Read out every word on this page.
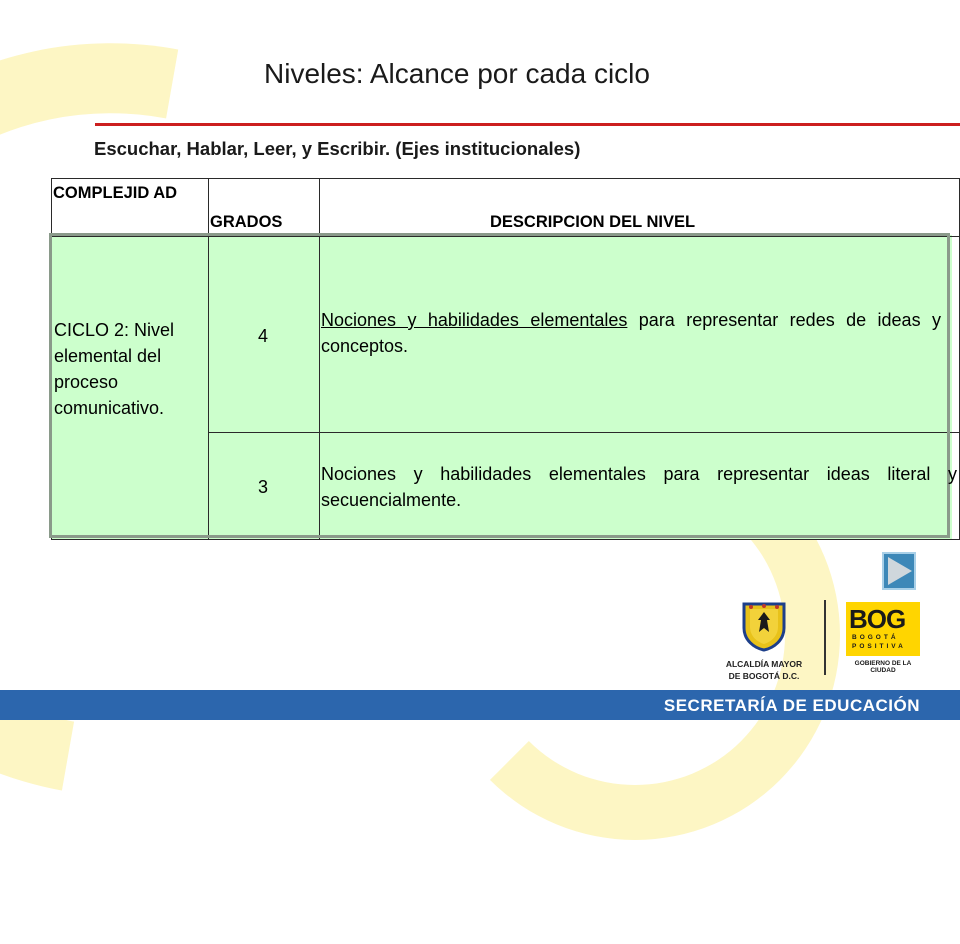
Niveles: Alcance por cada ciclo
Escuchar, Hablar, Leer, y Escribir. (Ejes institucionales)
COMPLEJID AD
GRADOS	DESCRIPCION DEL NIVEL
CICLO 2: Nivel elemental del proceso comunicativo.
4
3
Nociones y habilidades elementales para representar redes de ideas y conceptos.
Nociones y habilidades elementales para representar ideas literal y secuencialmente.
ALCALDÍA MAYOR
DE BOGOTÁ D.C.
BOG
BOGOTÁ
POSITIVA
GOBIERNO DE LA CIUDAD
SECRETARÍA DE EDUCACIÓN
